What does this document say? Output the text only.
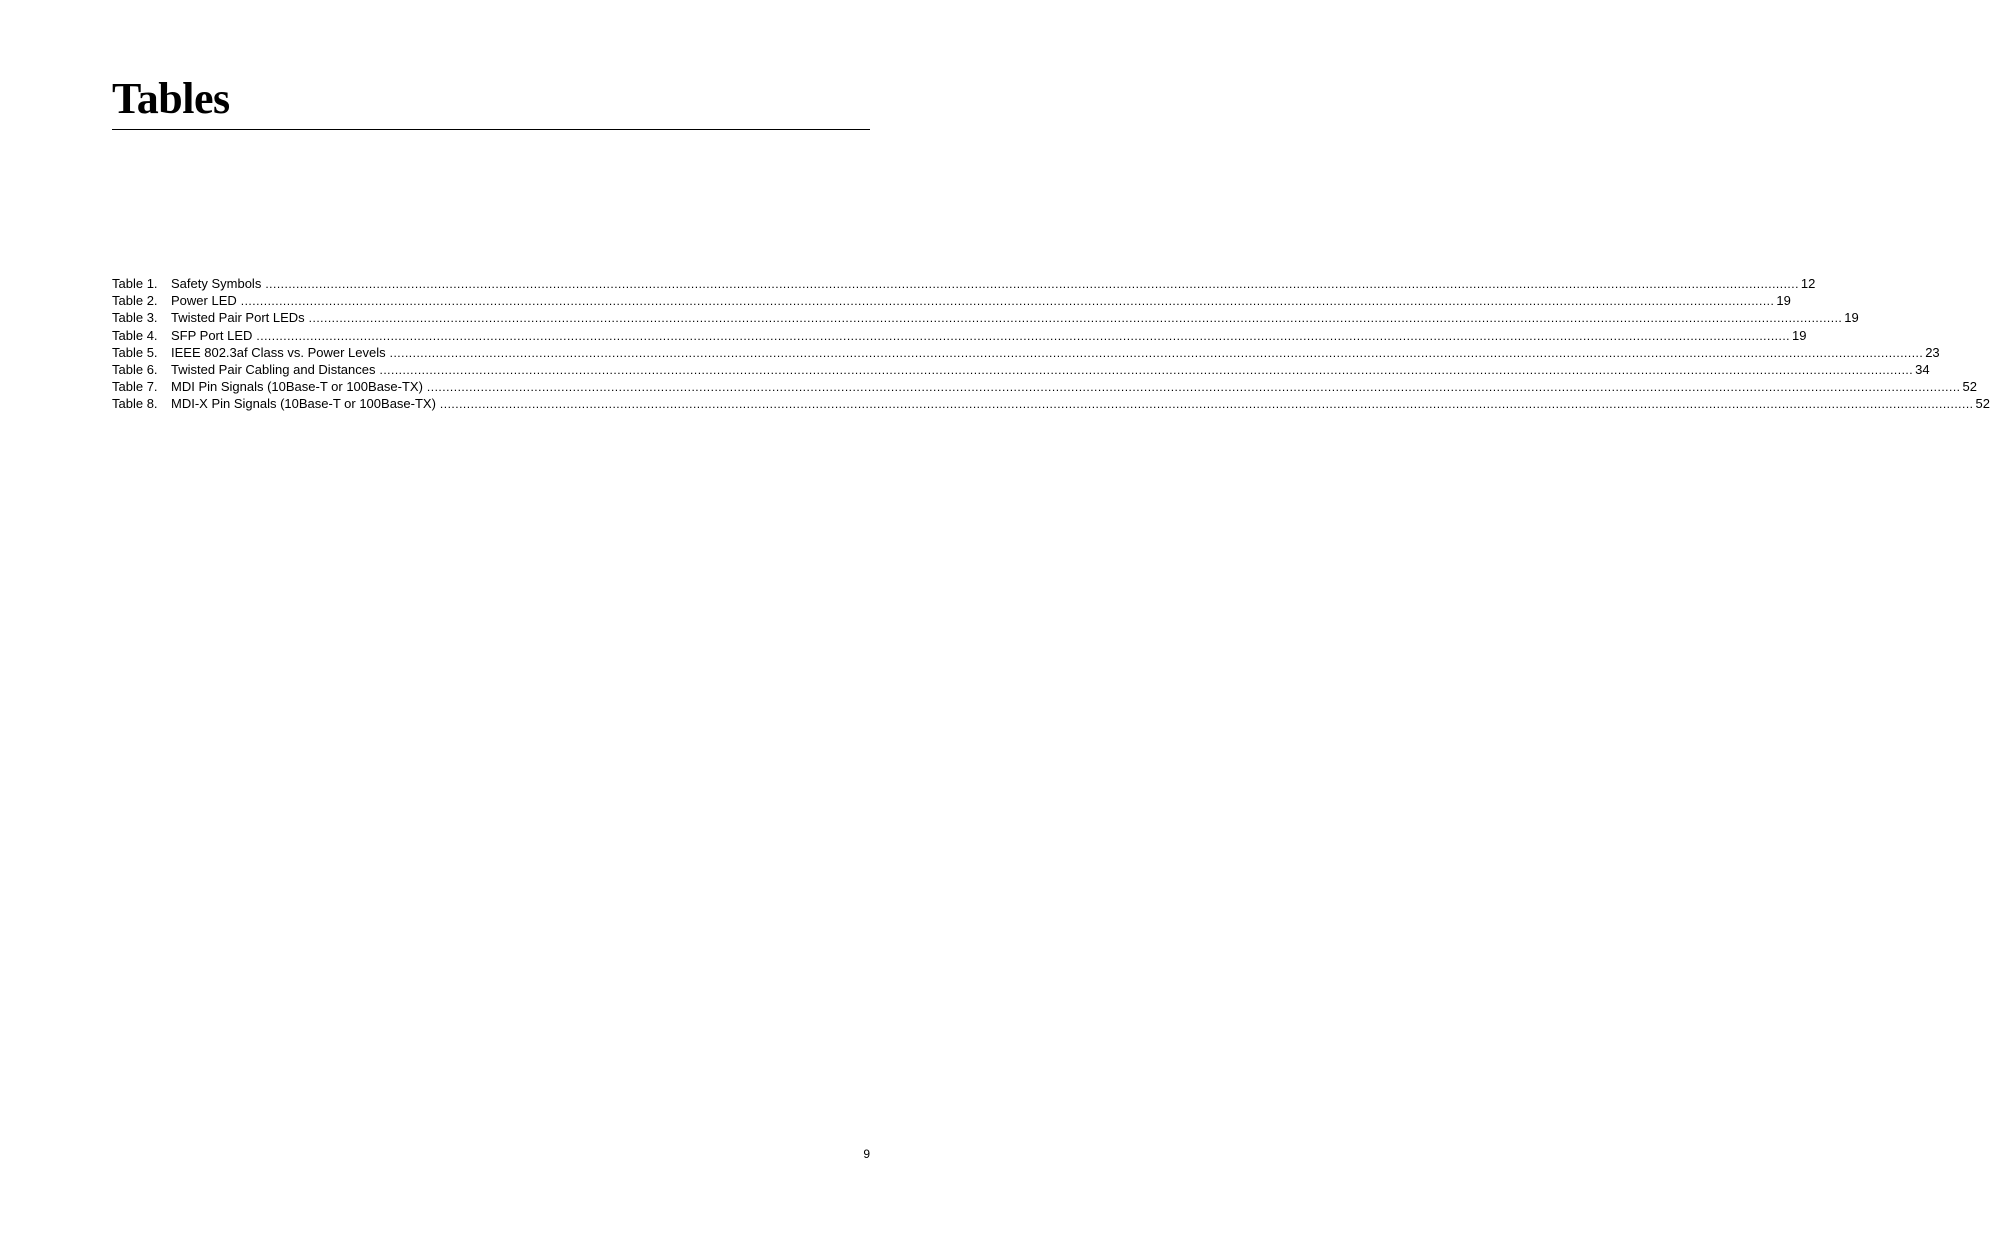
Tables
Table 1.	Safety Symbols ................................................................................................................................................................................................................................................................................................................................................................................................................ 12
Table 2.	Power LED ................................................................................................................................................................................................................................................................................................................................................................................................................ 19
Table 3.	Twisted Pair Port LEDs ................................................................................................................................................................................................................................................................................................................................................................................................................ 19
Table 4.	SFP Port LED ................................................................................................................................................................................................................................................................................................................................................................................................................ 19
Table 5.	IEEE 802.3af Class vs. Power Levels ................................................................................................................................................................................................................................................................................................................................................................................................................ 23
Table 6.	Twisted Pair Cabling and Distances ................................................................................................................................................................................................................................................................................................................................................................................................................ 34
Table 7.	MDI Pin Signals (10Base-T or 100Base-TX) ................................................................................................................................................................................................................................................................................................................................................................................................................ 52
Table 8.	MDI-X Pin Signals (10Base-T or 100Base-TX) ................................................................................................................................................................................................................................................................................................................................................................................................................ 52
9
